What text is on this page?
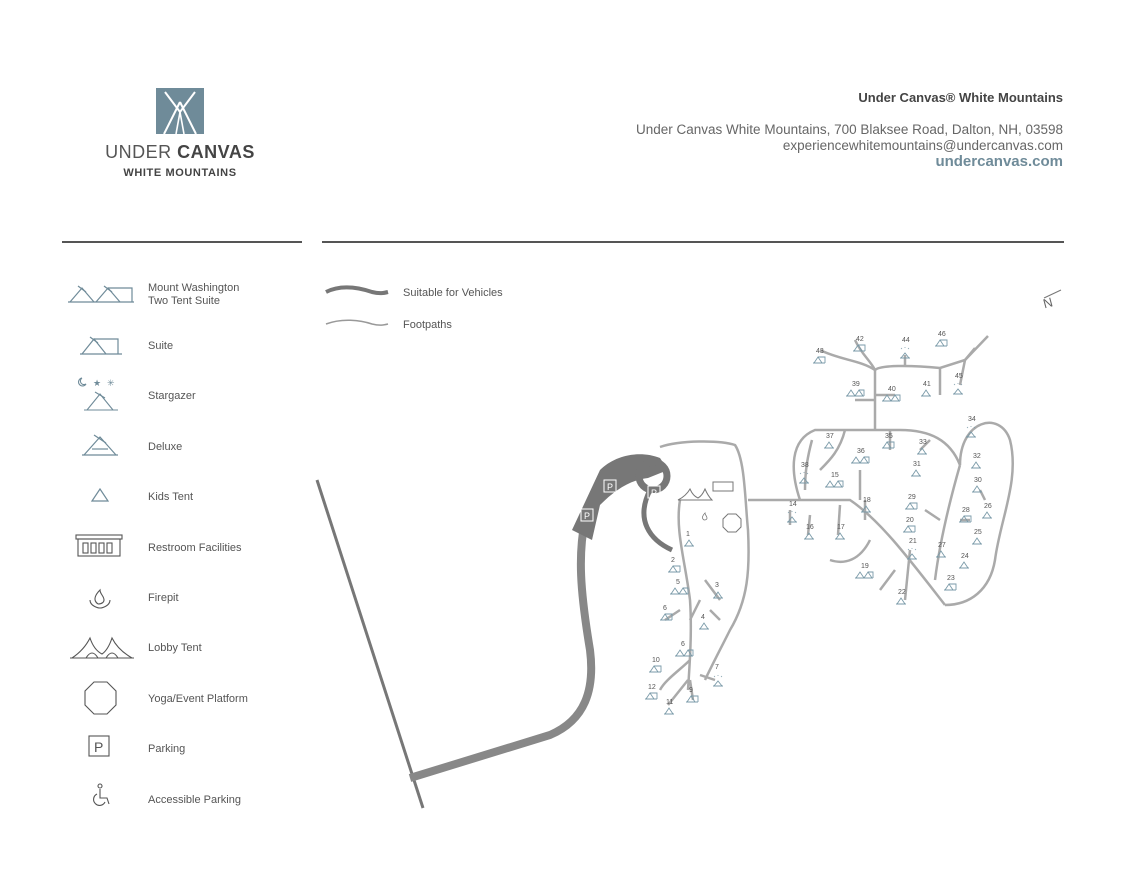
UNDER CANVAS
WHITE MOUNTAINS
Under Canvas® White Mountains
Under Canvas White Mountains, 700 Blaksee Road, Dalton, NH, 03598
experiencewhitemountains@undercanvas.com
undercanvas.com
Mount Washington
Two Tent Suite
Suite
★ ✳
Stargazer
Deluxe
Kids Tent
Restroom Facilities
Firepit
Lobby Tent
Yoga/Event Platform
P	Parking
Accessible Parking
Suitable for Vehicles
Footpaths
N
P
P
P
1
2
3
4
5
6
6
7
9
10
11
12
14
15
16	17
18
19
20
21
22
23
24
25
26
27
28
29
30
31
32
33
34
35
36
37
38
39
40
41
42
43
44
45
46
